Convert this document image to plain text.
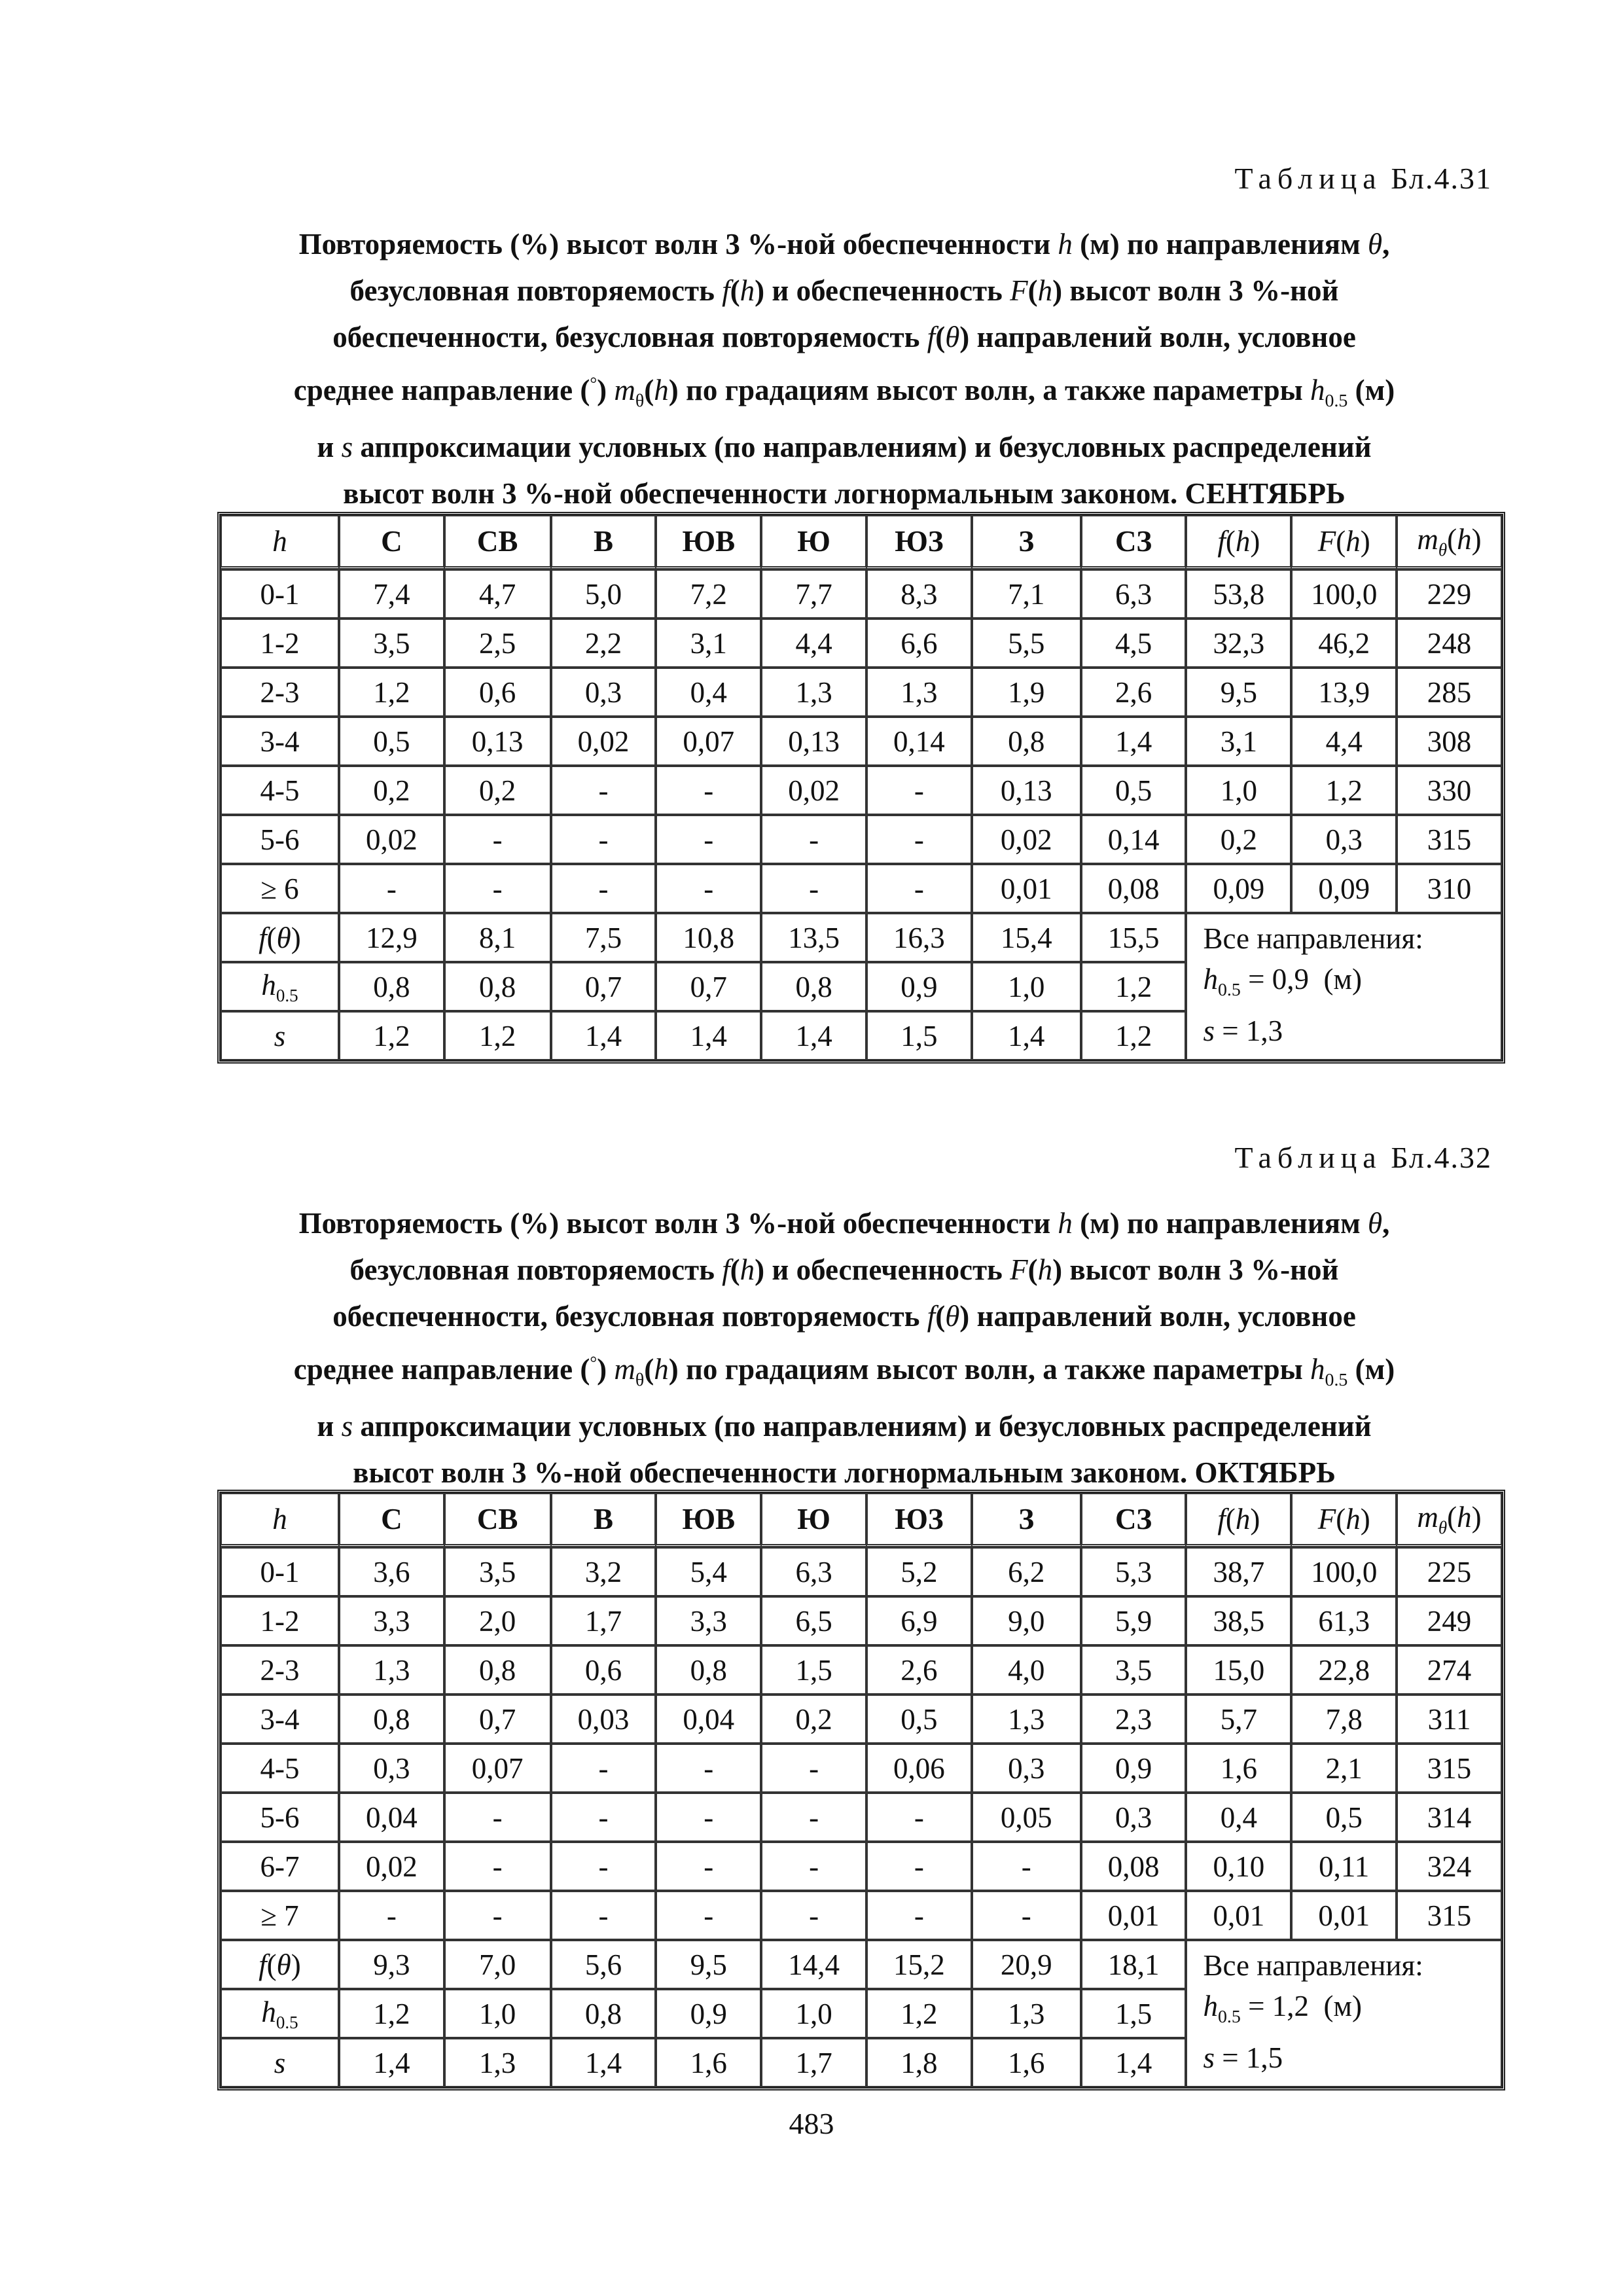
Таблица Бл.4.31
Повторяемость (%) высот волн 3 %-ной обеспеченности h (м) по направлениям θ,
безусловная повторяемость f(h) и обеспеченность F(h) высот волн 3 %-ной
обеспеченности, безусловная повторяемость f(θ) направлений волн, условное
среднее направление (°) $m_\theta(h)$ по градациям высот волн, а также параметры $h_{0.5}$ (м)
и s аппроксимации условных (по направлениям) и безусловных распределений
высот волн 3 %-ной обеспеченности логнормальным законом. СЕНТЯБРЬ
h	С	СВ	В	ЮВ	Ю	ЮЗ	З	СЗ	f(h)	F(h)	$m_\theta(h)$
0-1	7,4	4,7	5,0	7,2	7,7	8,3	7,1	6,3	53,8	100,0	229
1-2	3,5	2,5	2,2	3,1	4,4	6,6	5,5	4,5	32,3	46,2	248
2-3	1,2	0,6	0,3	0,4	1,3	1,3	1,9	2,6	9,5	13,9	285
3-4	0,5	0,13	0,02	0,07	0,13	0,14	0,8	1,4	3,1	4,4	308
4-5	0,2	0,2	-	-	0,02	-	0,13	0,5	1,0	1,2	330
5-6	0,02	-	-	-	-	-	0,02	0,14	0,2	0,3	315
≥ 6	-	-	-	-	-	-	0,01	0,08	0,09	0,09	310
f(θ)	12,9	8,1	7,5	10,8	13,5	16,3	15,4	15,5	Все направления:
$h_{0.5} = 0,9$ (м)
s = 1,3		

$h_{0.5}$	0,8	0,8	0,7	0,7	0,8	0,9	1,0	1,2			
s	1,2	1,2	1,4	1,4	1,4	1,5	1,4	1,2			
Таблица Бл.4.32
Повторяемость (%) высот волн 3 %-ной обеспеченности h (м) по направлениям θ,
безусловная повторяемость f(h) и обеспеченность F(h) высот волн 3 %-ной
обеспеченности, безусловная повторяемость f(θ) направлений волн, условное
среднее направление (°) $m_\theta(h)$ по градациям высот волн, а также параметры $h_{0.5}$ (м)
и s аппроксимации условных (по направлениям) и безусловных распределений
высот волн 3 %-ной обеспеченности логнормальным законом. ОКТЯБРЬ
h	С	СВ	В	ЮВ	Ю	ЮЗ	З	СЗ	f(h)	F(h)	$m_\theta(h)$
0-1	3,6	3,5	3,2	5,4	6,3	5,2	6,2	5,3	38,7	100,0	225
1-2	3,3	2,0	1,7	3,3	6,5	6,9	9,0	5,9	38,5	61,3	249
2-3	1,3	0,8	0,6	0,8	1,5	2,6	4,0	3,5	15,0	22,8	274
3-4	0,8	0,7	0,03	0,04	0,2	0,5	1,3	2,3	5,7	7,8	311
4-5	0,3	0,07	-	-	-	0,06	0,3	0,9	1,6	2,1	315
5-6	0,04	-	-	-	-	-	0,05	0,3	0,4	0,5	314
6-7	0,02	-	-	-	-	-	-	0,08	0,10	0,11	324
≥ 7	-	-	-	-	-	-	-	0,01	0,01	0,01	315
f(θ)	9,3	7,0	5,6	9,5	14,4	15,2	20,9	18,1	Все направления:
$h_{0.5} = 1,2$ (м)
s = 1,5		

$h_{0.5}$	1,2	1,0	0,8	0,9	1,0	1,2	1,3	1,5			
s	1,4	1,3	1,4	1,6	1,7	1,8	1,6	1,4			
483
